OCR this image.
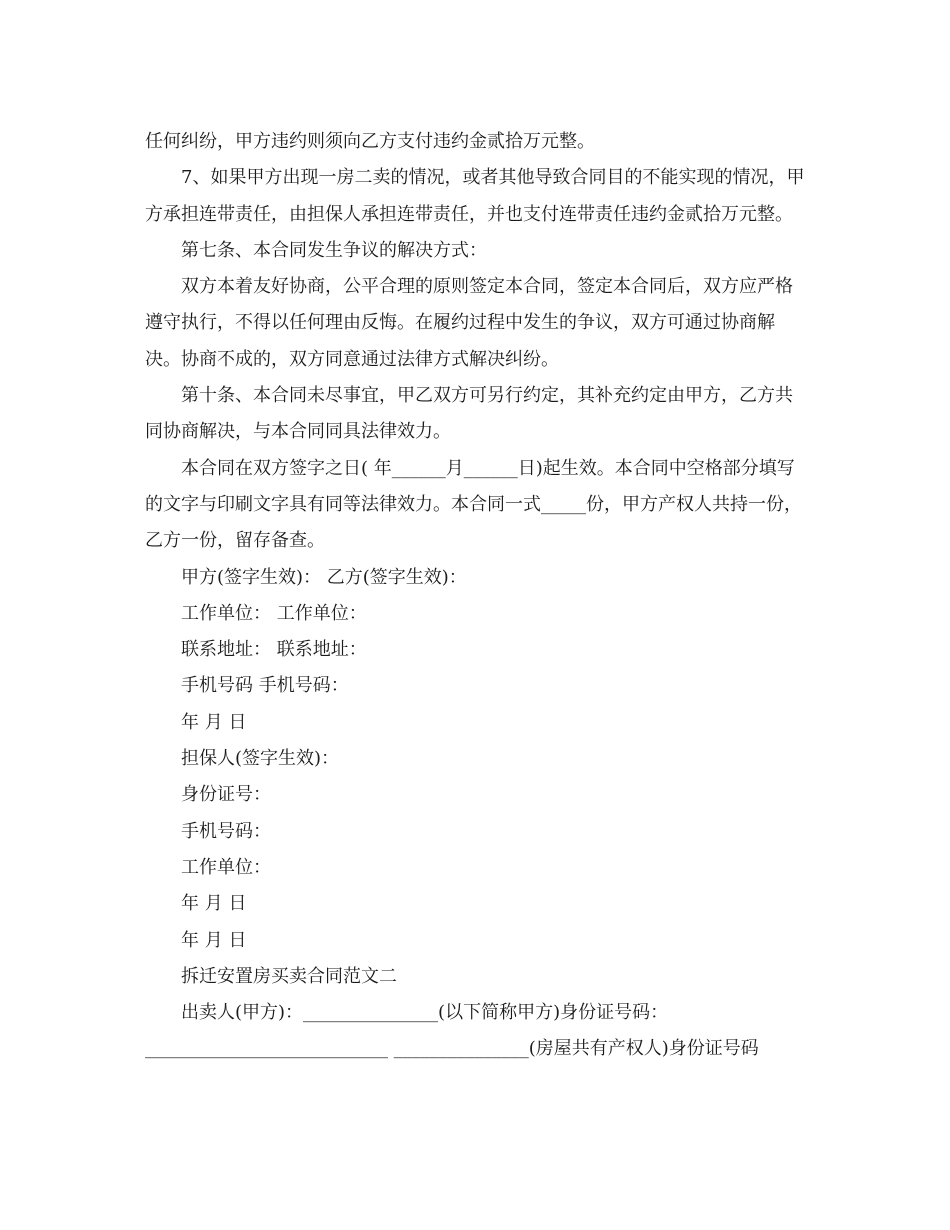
任何纠纷，甲方违约则须向乙方支付违约金贰拾万元整。

7、如果甲方出现一房二卖的情况，或者其他导致合同目的不能实现的情况，甲方承担连带责任，由担保人承担连带责任，并也支付连带责任违约金贰拾万元整。

第七条、本合同发生争议的解决方式：

双方本着友好协商，公平合理的原则签定本合同，签定本合同后，双方应严格遵守执行，不得以任何理由反悔。在履约过程中发生的争议，双方可通过协商解决。协商不成的，双方同意通过法律方式解决纠纷。

第十条、本合同未尽事宜，甲乙双方可另行约定，其补充约定由甲方，乙方共同协商解决，与本合同同具法律效力。

本合同在双方签字之日( 年______月______日)起生效。本合同中空格部分填写的文字与印刷文字具有同等法律效力。本合同一式_____份，甲方产权人共持一份，乙方一份，留存备查。

甲方(签字生效)： 乙方(签字生效)：

工作单位： 工作单位：

联系地址： 联系地址：

手机号码 手机号码：

年 月 日

担保人(签字生效)：

身份证号：

手机号码：

工作单位：

年 月 日

年 月 日

拆迁安置房买卖合同范文二

出卖人(甲方)：_______________(以下简称甲方)身份证号码：

___________________________ _______________(房屋共有产权人)身份证号码
